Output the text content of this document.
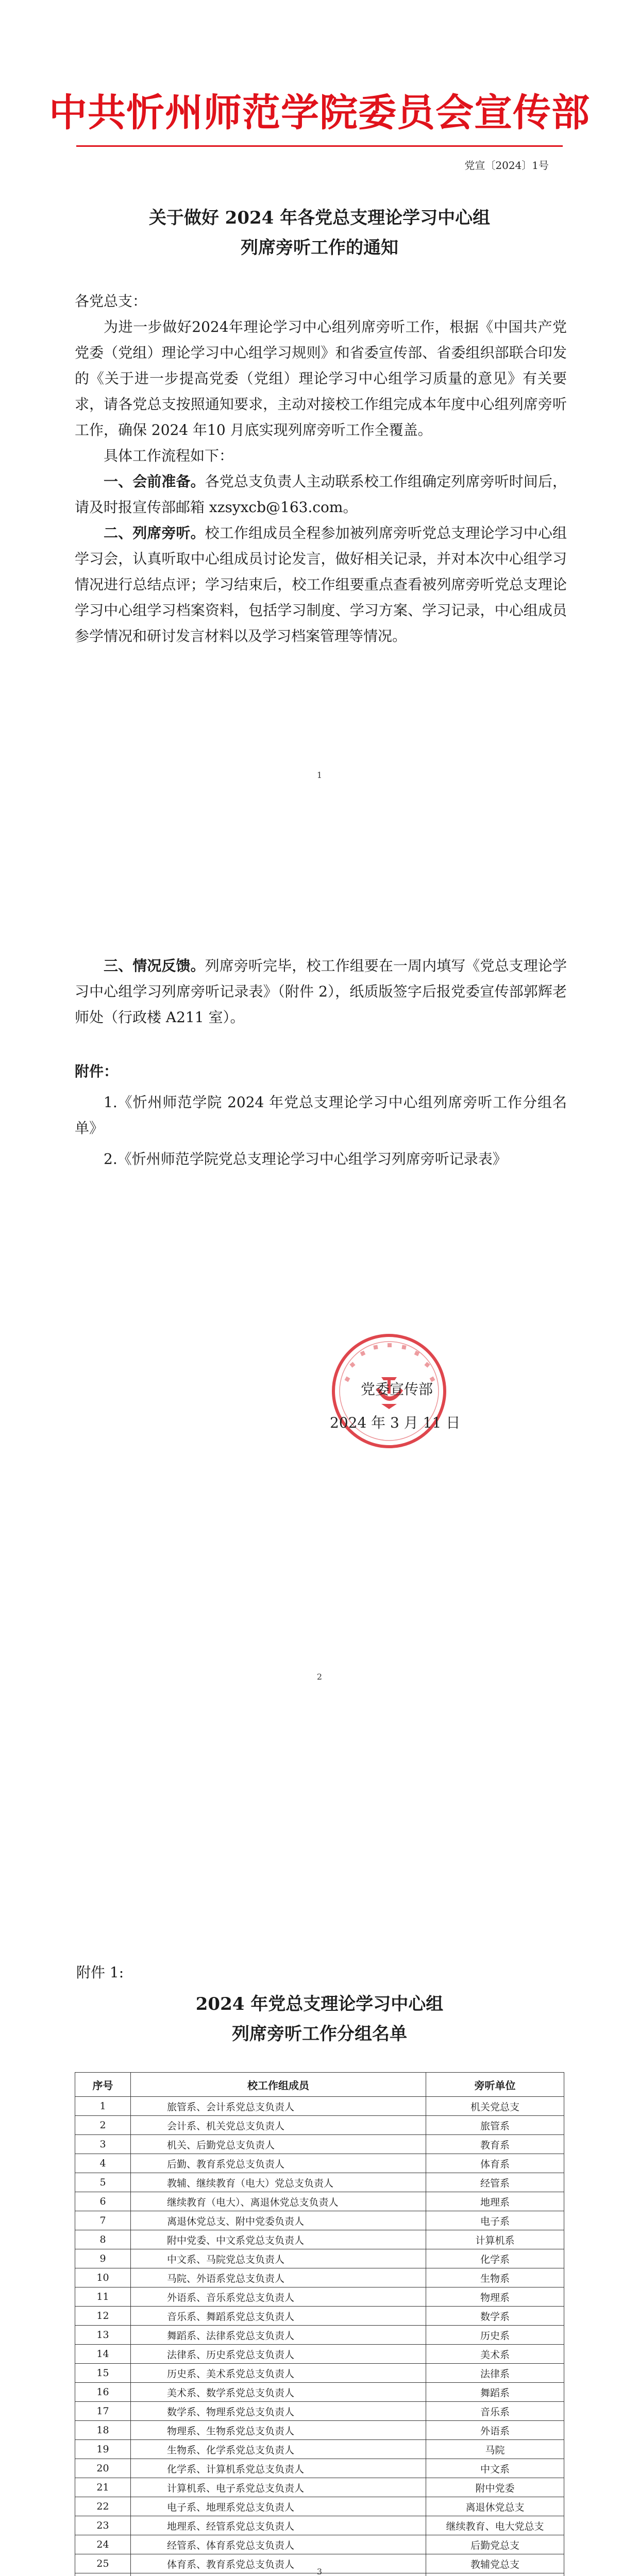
中共忻州师范学院委员会宣传部
党宣〔2024〕1号
关于做好 2024 年各党总支理论学习中心组
列席旁听工作的通知

各党总支：

为进一步做好2024年理论学习中心组列席旁听工作，根据《中国共产党党委（党组）理论学习中心组学习规则》和省委宣传部、省委组织部联合印发的《关于进一步提高党委（党组）理论学习中心组学习质量的意见》有关要求，请各党总支按照通知要求，主动对接校工作组完成本年度中心组列席旁听工作，确保 2024 年10 月底实现列席旁听工作全覆盖。

具体工作流程如下：

一、会前准备。各党总支负责人主动联系校工作组确定列席旁听时间后，请及时报宣传部邮箱 xzsyxcb@163.com。

二、列席旁听。校工作组成员全程参加被列席旁听党总支理论学习中心组学习会，认真听取中心组成员讨论发言，做好相关记录，并对本次中心组学习情况进行总结点评；学习结束后，校工作组要重点查看被列席旁听党总支理论学习中心组学习档案资料，包括学习制度、学习方案、学习记录，中心组成员参学情况和研讨发言材料以及学习档案管理等情况。

1

三、情况反馈。列席旁听完毕，校工作组要在一周内填写《党总支理论学习中心组学习列席旁听记录表》（附件 2），纸质版签字后报党委宣传部郭辉老师处（行政楼 A211 室）。

附件：

1.《忻州师范学院 2024 年党总支理论学习中心组列席旁听工作分组名单》

2.《忻州师范学院党总支理论学习中心组学习列席旁听记录表》

党委宣传部
2024 年 3 月 11 日
2
附件 1:
2024 年党总支理论学习中心组
列席旁听工作分组名单
序号	校工作组成员	旁听单位
1	旅管系、会计系党总支负责人	机关党总支
2	会计系、机关党总支负责人	旅管系
3	机关、后勤党总支负责人	教育系
4	后勤、教育系党总支负责人	体育系
5	教辅、继续教育（电大）党总支负责人	经管系
6	继续教育（电大）、离退休党总支负责人	地理系
7	离退休党总支、附中党委负责人	电子系
8	附中党委、中文系党总支负责人	计算机系
9	中文系、马院党总支负责人	化学系
10	马院、外语系党总支负责人	生物系
11	外语系、音乐系党总支负责人	物理系
12	音乐系、舞蹈系党总支负责人	数学系
13	舞蹈系、法律系党总支负责人	历史系
14	法律系、历史系党总支负责人	美术系
15	历史系、美术系党总支负责人	法律系
16	美术系、数学系党总支负责人	舞蹈系
17	数学系、物理系党总支负责人	音乐系
18	物理系、生物系党总支负责人	外语系
19	生物系、化学系党总支负责人	马院
20	化学系、计算机系党总支负责人	中文系
21	计算机系、电子系党总支负责人	附中党委
22	电子系、地理系党总支负责人	离退休党总支
23	地理系、经管系党总支负责人	继续教育、电大党总支
24	经管系、体育系党总支负责人	后勤党总支
25	体育系、教育系党总支负责人	教辅党总支

3
